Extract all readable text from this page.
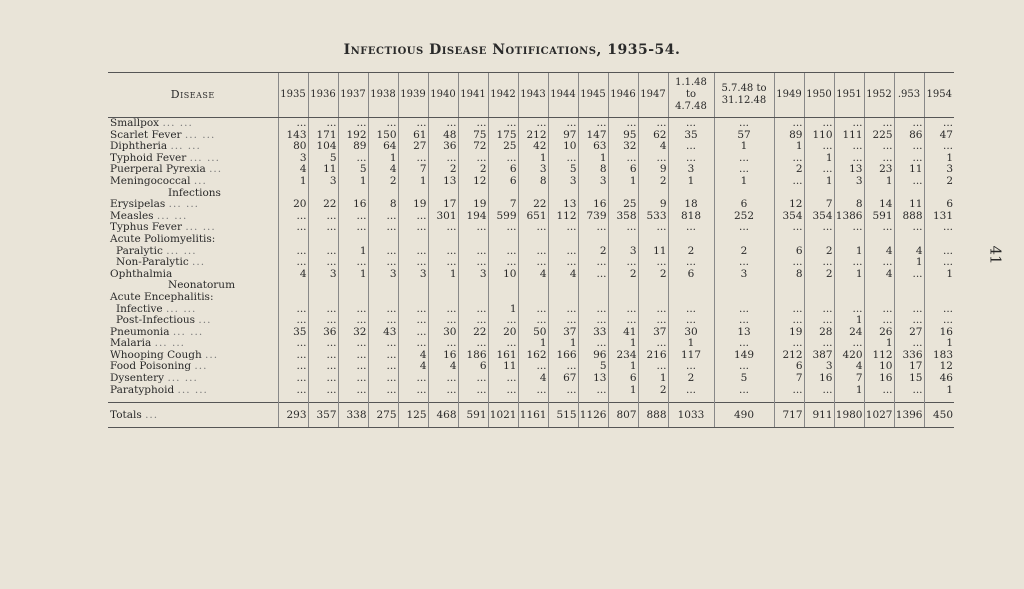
Infectious Disease Notifications, 1935-54.
41
Disease	1935	1936	1937	1938	1939	1940	1941	1942	1943	1944	1945	1946	1947	1.1.48 to 4.7.48	5.7.48 to 31.12.48	1949	1950	1951	1952	.953	1954
Smallpox ... ...	...	...	...	...	...	...	...	...	...	...	...	...	...	...	...	...	...	...	...	...	...
Scarlet Fever ... ...	143	171	192	150	61	48	75	175	212	97	147	95	62	35	57	89	110	111	225	86	47
Diphtheria ... ...	80	104	89	64	27	36	72	25	42	10	63	32	4	...	1	1	...	...	...	...	...
Typhoid Fever ... ...	3	5	...	1	...	...	...	...	1	...	1	...	...	...	...	...	1	...	...	...	1
Puerperal Pyrexia ...	4	11	5	4	7	2	2	6	3	5	8	6	9	3	...	2	...	13	23	11	3
Meningococcal ...	1	3	1	2	1	13	12	6	8	3	3	1	2	1	1	...	1	3	1	...	2
Infections																					
Erysipelas ... ...	20	22	16	8	19	17	19	7	22	13	16	25	9	18	6	12	7	8	14	11	6
Measles ... ...	...	...	...	...	...	301	194	599	651	112	739	358	533	818	252	354	354	1386	591	888	131
Typhus Fever ... ...	...	...	...	...	...	...	...	...	...	...	...	...	...	...	...	...	...	...	...	...	...
Acute Poliomyelitis:																					
Paralytic ... ...	...	...	1	...	...	...	...	...	...	...	2	3	11	2	2	6	2	1	4	4	...
Non-Paralytic ...	...	...	...	...	...	...	...	...	...	...	...	...	...	...	...	...	...	...	...	1	...
Ophthalmia	4	3	1	3	3	1	3	10	4	4	...	2	2	6	3	8	2	1	4	...	1
Neonatorum																					
Acute Encephalitis:																					
Infective ... ...	...	...	...	...	...	...	...	1	...	...	...	...	...	...	...	...	...	...	...	...	...
Post-Infectious ...	...	...	...	...	...	...	...	...	...	...	...	...	...	...	...	...	...	1	...	...	...
Pneumonia ... ...	35	36	32	43	...	30	22	20	50	37	33	41	37	30	13	19	28	24	26	27	16
Malaria ... ...	...	...	...	...	...	...	...	...	1	1	...	1	...	1	...	...	...	...	1	...	1
Whooping Cough ...	...	...	...	...	4	16	186	161	162	166	96	234	216	117	149	212	387	420	112	336	183
Food Poisoning ...	...	...	...	...	4	4	6	11	...	...	5	1	...	...	...	6	3	4	10	17	12
Dysentery ... ...	...	...	...	...	...	...	...	...	4	67	13	6	1	2	5	7	16	7	16	15	46
Paratyphoid ... ...	...	...	...	...	...	...	...	...	...	...	...	1	2	...	...	...	...	1	...	...	1

Totals ...	293	357	338	275	125	468	591	1021	1161	515	1126	807	888	1033	490	717	911	1980	1027	1396	450
